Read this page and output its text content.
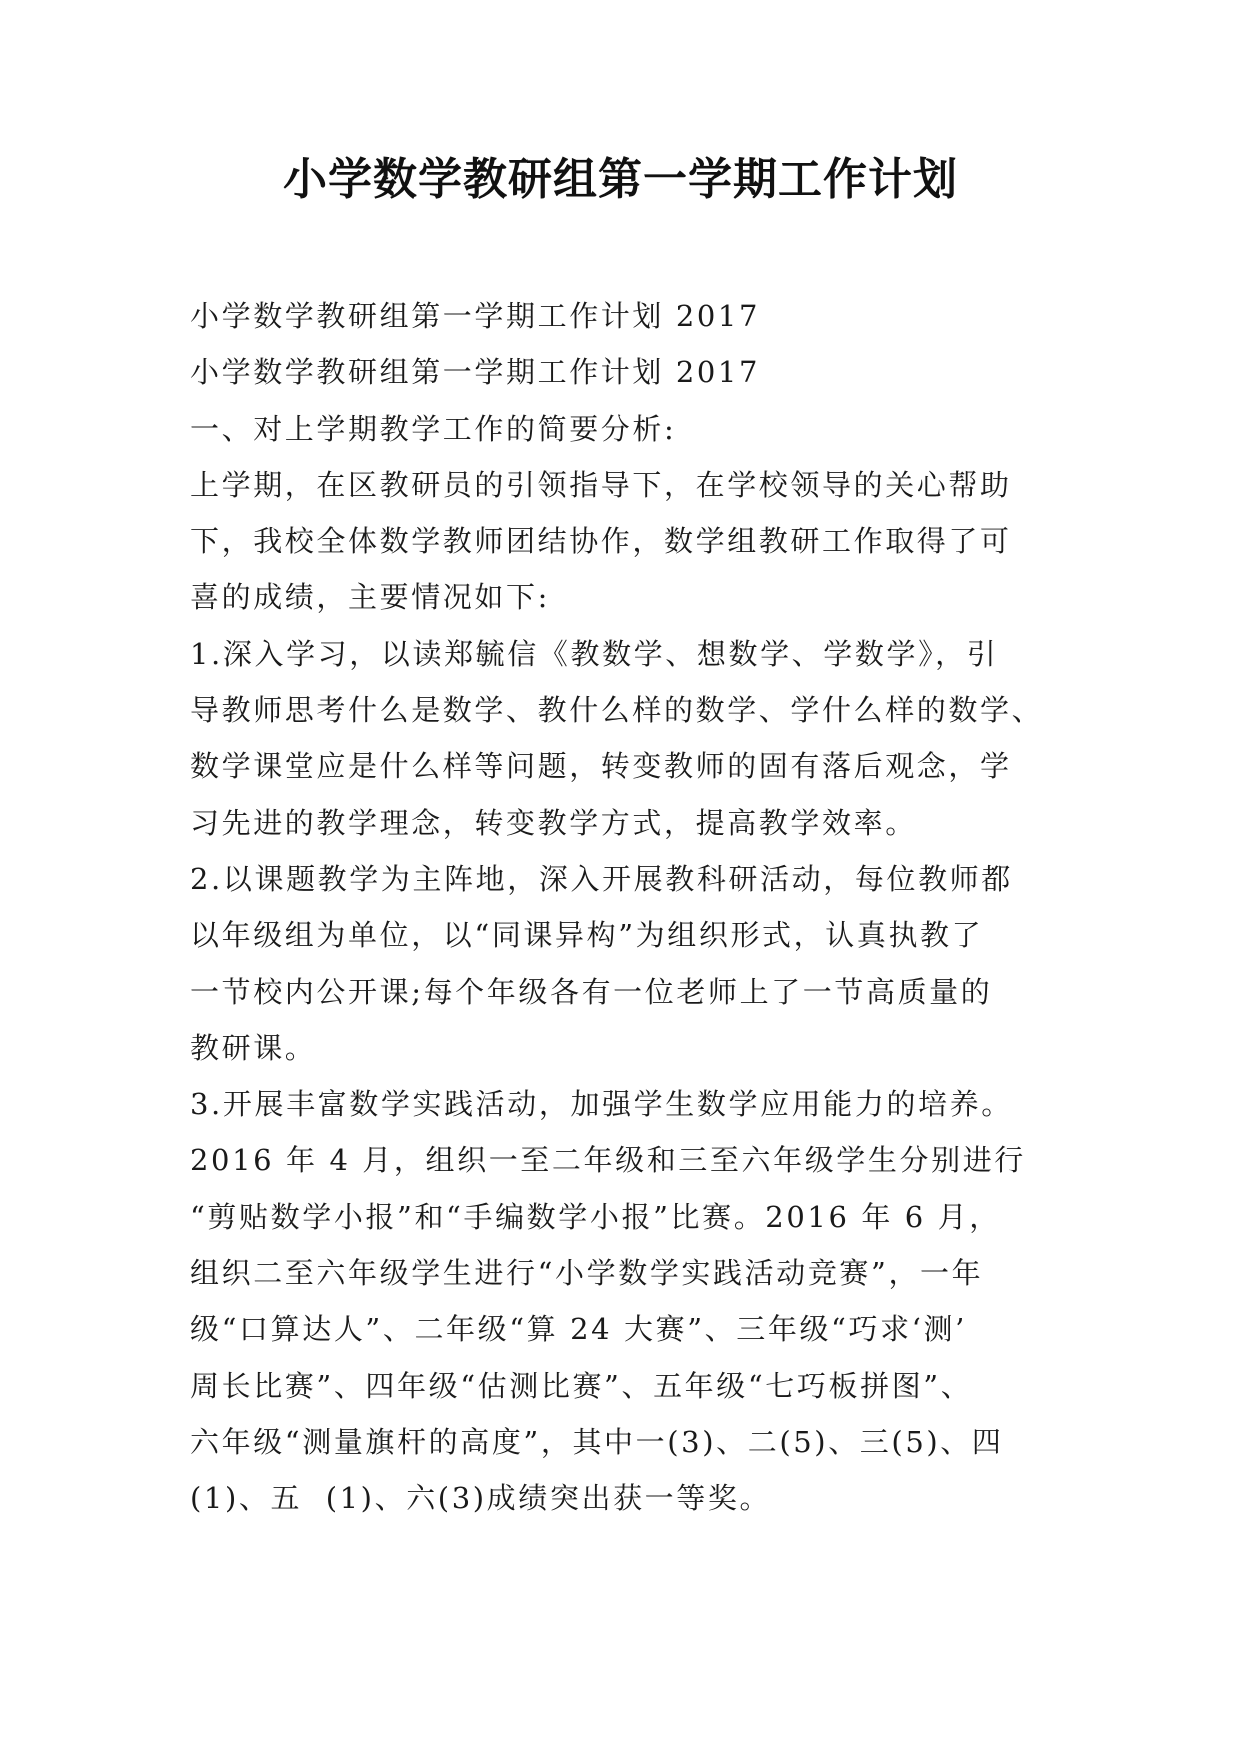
小学数学教研组第一学期工作计划
小学数学教研组第一学期工作计划 2017
小学数学教研组第一学期工作计划 2017
一、对上学期教学工作的简要分析:
上学期，在区教研员的引领指导下，在学校领导的关心帮助
下，我校全体数学教师团结协作，数学组教研工作取得了可
喜的成绩，主要情况如下:
1.深入学习，以读郑毓信《教数学、想数学、学数学》，引
导教师思考什么是数学、教什么样的数学、学什么样的数学、
数学课堂应是什么样等问题，转变教师的固有落后观念，学
习先进的教学理念，转变教学方式，提高教学效率。
2.以课题教学为主阵地，深入开展教科研活动，每位教师都
以年级组为单位，以“同课异构”为组织形式，认真执教了
一节校内公开课;每个年级各有一位老师上了一节高质量的
教研课。
3.开展丰富数学实践活动，加强学生数学应用能力的培养。
2016 年 4 月，组织一至二年级和三至六年级学生分别进行
“剪贴数学小报”和“手编数学小报”比赛。2016 年 6 月，
组织二至六年级学生进行“小学数学实践活动竞赛”，一年
级“口算达人”、二年级“算 24 大赛”、三年级“巧求‘测’
周长比赛”、四年级“估测比赛”、五年级“七巧板拼图”、
六年级“测量旗杆的高度”，其中一(3)、二(5)、三(5)、四
(1)、五  (1)、六(3)成绩突出获一等奖。
